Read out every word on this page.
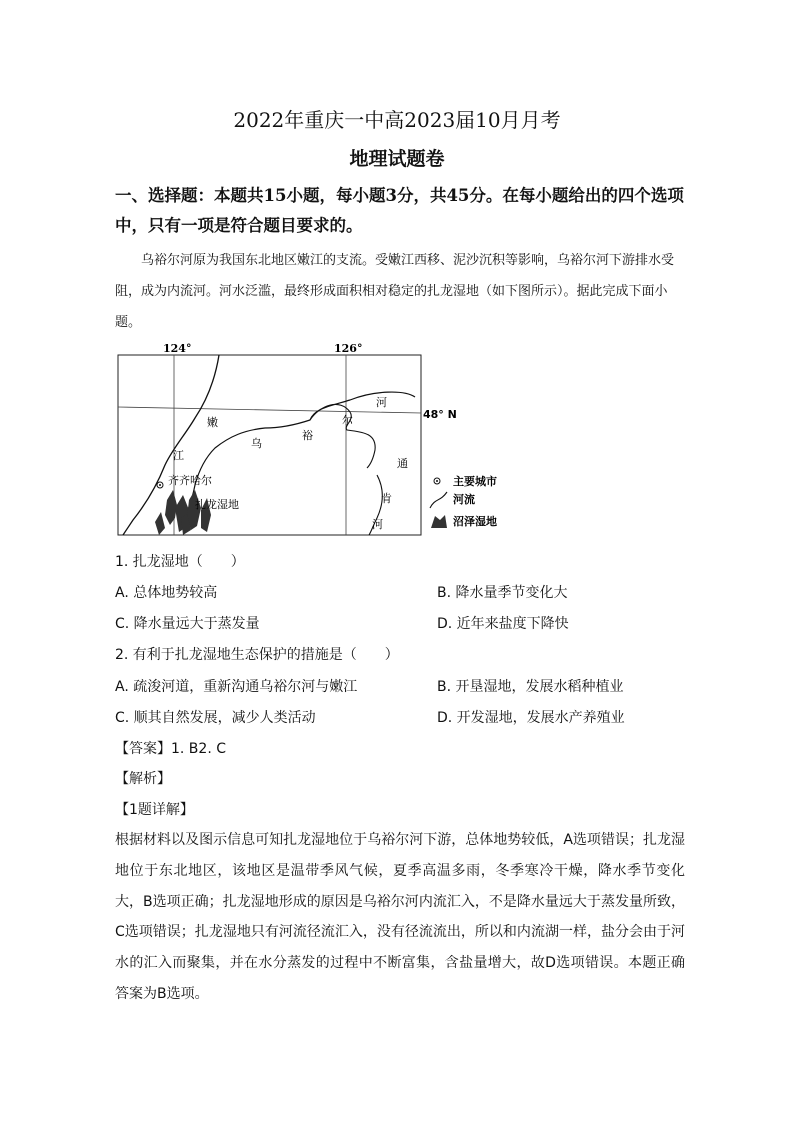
2022年重庆一中高2023届10月月考
地理试题卷
一、选择题：本题共15小题，每小题3分，共45分。在每小题给出的四个选项中，只有一项是符合题目要求的。
乌裕尔河原为我国东北地区嫩江的支流。受嫩江西移、泥沙沉积等影响，乌裕尔河下游排水受阻，成为内流河。河水泛滥，最终形成面积相对稳定的扎龙湿地（如下图所示）。据此完成下面小题。
124°	126°
48° N
嫩
江
乌
裕
尔
河
通
肯
河
齐齐哈尔
扎龙湿地
主要城市
河流
沼泽湿地
1. 扎龙湿地（　　）
A. 总体地势较高	B. 降水量季节变化大
C. 降水量远大于蒸发量	D. 近年来盐度下降快
2. 有利于扎龙湿地生态保护的措施是（　　）
A. 疏浚河道，重新沟通乌裕尔河与嫩江	B. 开垦湿地，发展水稻种植业
C. 顺其自然发展，减少人类活动	D. 开发湿地，发展水产养殖业
【答案】1. B2. C
【解析】
【1题详解】
根据材料以及图示信息可知扎龙湿地位于乌裕尔河下游，总体地势较低，A选项错误；扎龙湿地位于东北地区，该地区是温带季风气候，夏季高温多雨，冬季寒冷干燥，降水季节变化大，B选项正确；扎龙湿地形成的原因是乌裕尔河内流汇入，不是降水量远大于蒸发量所致，C选项错误；扎龙湿地只有河流径流汇入，没有径流流出，所以和内流湖一样，盐分会由于河水的汇入而聚集，并在水分蒸发的过程中不断富集，含盐量增大，故D选项错误。本题正确答案为B选项。
